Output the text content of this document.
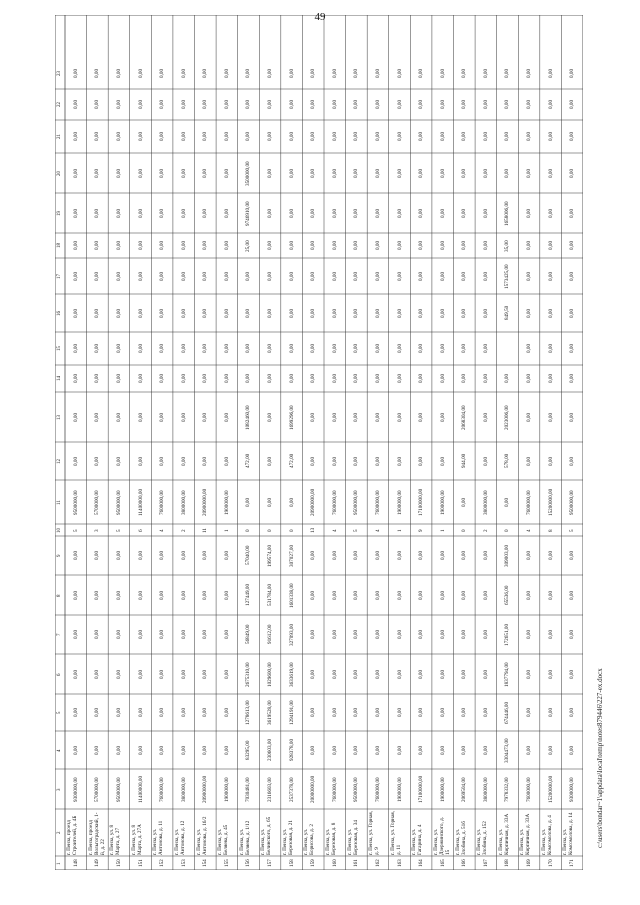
49
1
2
3
4
5
6
7
8
9
10
11
12
13
14
15
16
17
18
19
20
21
22
23
148
г. Пенза, проезд Строителей, д. 4Б
9300000,00
0,00
0,00
0,00
0,00
0,00
0,00
5
9500000,00
0,00
0,00
0,00
0,00
0,00
0,00
0,00
0,00
0,00
0,00
0,00
0,00
149
г. Пенза, проезд Вольгоградский, 1-й, д. 22
5700000,00
0,00
0,00
0,00
0,00
0,00
0,00
3
5700000,00
0,00
0,00
0,00
0,00
0,00
0,00
0,00
0,00
0,00
0,00
0,00
0,00
150
г. Пенза, ул. 8 Марта, д. 27
9500000,00
0,00
0,00
0,00
0,00
0,00
0,00
5
9500000,00
0,00
0,00
0,00
0,00
0,00
0,00
0,00
0,00
0,00
0,00
0,00
0,00
151
г. Пенза, ул. 8 Марта, д. 27А
11400000,00
0,00
0,00
0,00
0,00
0,00
0,00
6
11400000,00
0,00
0,00
0,00
0,00
0,00
0,00
0,00
0,00
0,00
0,00
0,00
0,00
152
г. Пенза, ул. Антонова, д. 11
7600000,00
0,00
0,00
0,00
0,00
0,00
0,00
4
7600000,00
0,00
0,00
0,00
0,00
0,00
0,00
0,00
0,00
0,00
0,00
0,00
0,00
153
г. Пенза, ул. Антонова, д. 12
3800000,00
0,00
0,00
0,00
0,00
0,00
0,00
2
3800000,00
0,00
0,00
0,00
0,00
0,00
0,00
0,00
0,00
0,00
0,00
0,00
0,00
154
г. Пенза, ул. Антонова, д. 16/2
20900000,00
0,00
0,00
0,00
0,00
0,00
0,00
11
20900000,00
0,00
0,00
0,00
0,00
0,00
0,00
0,00
0,00
0,00
0,00
0,00
0,00
155
г. Пенза, ул. Беляева, д. 45
1900000,00
0,00
0,00
0,00
0,00
0,00
0,00
1
1900000,00
0,00
0,00
0,00
0,00
0,00
0,00
0,00
0,00
0,00
0,00
0,00
0,00
156
г. Пенза, ул. Беляева, д. 1/12
7030481,00
83295,00
1278613,00
2675310,00
56849,00
127449,00
57040,00
0
0,00
472,00
1082460,00
0,00
0,00
0,00
0,00
25,00
9746910,00
3500000,00
0,00
0,00
0,00
157
г. Пенза, ул. Белинского, д. 65
2316603,00
230603,00
3619528,00
1029600,00
91612,00
531784,00
199574,00
0
0,00
0,00
0,00
0,00
0,00
0,00
0,00
0,00
0,00
0,00
0,00
0,00
0,00
158
г. Пенза, ул. Березовая, д. 21
2537378,00
928378,00
1294191,00
3633619,00
327093,00
1601338,00
307027,00
0
0,00
472,00
1699296,00
0,00
0,00
0,00
0,00
0,00
0,00
0,00
0,00
0,00
0,00
159
г. Пенза, ул. Борисова, д. 2
20000000,00
0,00
0,00
0,00
0,00
0,00
0,00
13
20900000,00
0,00
0,00
0,00
0,00
0,00
0,00
0,00
0,00
0,00
0,00
0,00
0,00
160
г. Пенза, ул. Березовая, д. 8
7600000,00
0,00
0,00
0,00
0,00
0,00
0,00
4
7600000,00
0,00
0,00
0,00
0,00
0,00
0,00
0,00
0,00
0,00
0,00
0,00
0,00
161
г. Пенза, ул. Березовая, д. 34
9500000,00
0,00
0,00
0,00
0,00
0,00
0,00
5
9500000,00
0,00
0,00
0,00
0,00
0,00
0,00
0,00
0,00
0,00
0,00
0,00
0,00
162
г. Пенза, ул. Горная, д. 9
7600000,00
0,00
0,00
0,00
0,00
0,00
0,00
4
7600000,00
0,00
0,00
0,00
0,00
0,00
0,00
0,00
0,00
0,00
0,00
0,00
0,00
163
г. Пенза, ул. Горная, д. 11
1900000,00
0,00
0,00
0,00
0,00
0,00
0,00
1
1900000,00
0,00
0,00
0,00
0,00
0,00
0,00
0,00
0,00
0,00
0,00
0,00
0,00
164
г. Пенза, ул. Гагарина, д. 4
17100000,00
0,00
0,00
0,00
0,00
0,00
0,00
9
17100000,00
0,00
0,00
0,00
0,00
0,00
0,00
0,00
0,00
0,00
0,00
0,00
0,00
165
г. Пенза, ул. Дзержинского, д. 15
1900000,00
0,00
0,00
0,00
0,00
0,00
0,00
1
1900000,00
0,00
0,00
0,00
0,00
0,00
0,00
0,00
0,00
0,00
0,00
0,00
0,00
166
г. Пенза, ул. Злобина, д. 51б
2069504,00
0,00
0,00
0,00
0,00
0,00
0,00
0
0,00
944,00
2068304,00
0,00
0,00
0,00
0,00
0,00
0,00
0,00
0,00
0,00
0,00
167
г. Пенза, ул. Злобина, д. 152
3800000,00
0,00
0,00
0,00
0,00
0,00
0,00
2
3800000,00
0,00
0,00
0,00
0,00
0,00
0,00
0,00
0,00
0,00
0,00
0,00
0,00
168
г. Пенза, ул. Кирпичная, д. 33А
7978332,00
3304473,00
674446,00
1837794,00
172651,00
65536,00
309003,00
0
0,00
578,00
2023006,00
0,00
849,50
1573425,00
35,00
1658006,00
0,00
0,00
0,00
0,00
169
г. Пенза, ул. Кирпичная, д. 33А
7600000,00
0,00
0,00
0,00
0,00
0,00
0,00
4
7600000,00
0,00
0,00
0,00
0,00
0,00
0,00
0,00
0,00
0,00
0,00
0,00
0,00
170
г. Пенза, ул. Комсомолова, д. 4
15200000,00
0,00
0,00
0,00
0,00
0,00
0,00
8
15200000,00
0,00
0,00
0,00
0,00
0,00
0,00
0,00
0,00
0,00
0,00
0,00
0,00
171
г. Пенза, ул. Комсомолова, д. 14
9300000,00
0,00
0,00
0,00
0,00
0,00
0,00
5
9500000,00
0,00
0,00
0,00
0,00
0,00
0,00
0,00
0,00
0,00
0,00
0,00
0,00
c:\users\bondar~1\appdata\local\temp\notes879446\227-ex.docx
